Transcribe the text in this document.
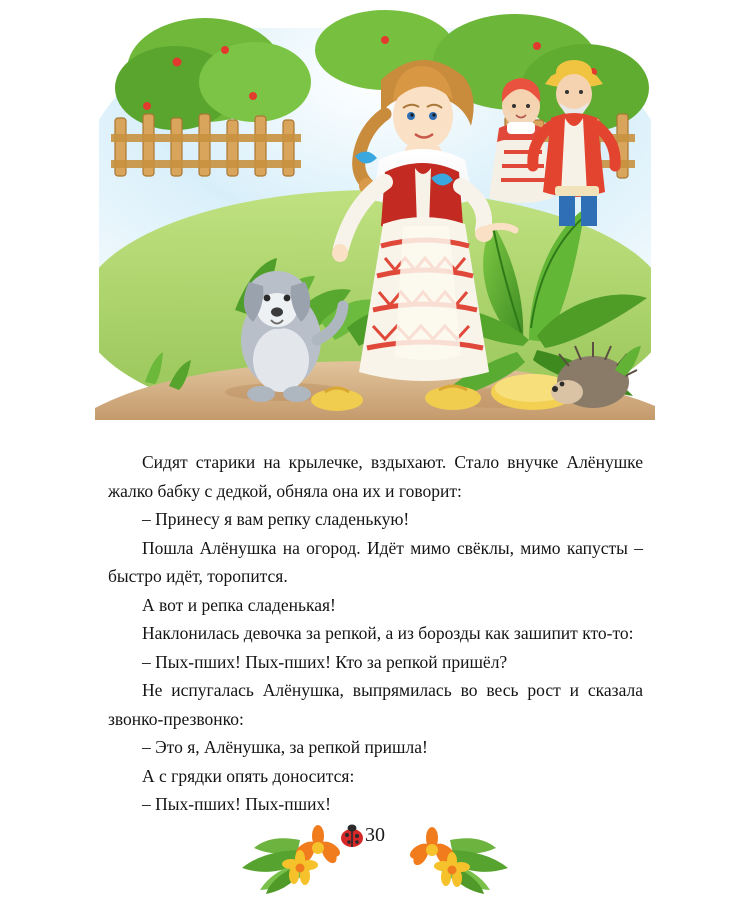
Сидят старики на крылечке, вздыхают. Стало внучке Алёнушке жалко бабку с дедкой, обняла она их и говорит:

– Принесу я вам репку сладенькую!

Пошла Алёнушка на огород. Идёт мимо свёклы, мимо капусты – быстро идёт, торопится.

А вот и репка сладенькая!

Наклонилась девочка за репкой, а из борозды как зашипит кто-то:

– Пых-пших! Пых-пших! Кто за репкой пришёл?

Не испугалась Алёнушка, выпрямилась во весь рост и сказала звонко-презвонко:

– Это я, Алёнушка, за репкой пришла!

А с грядки опять доносится:

– Пых-пших! Пых-пших!

30
